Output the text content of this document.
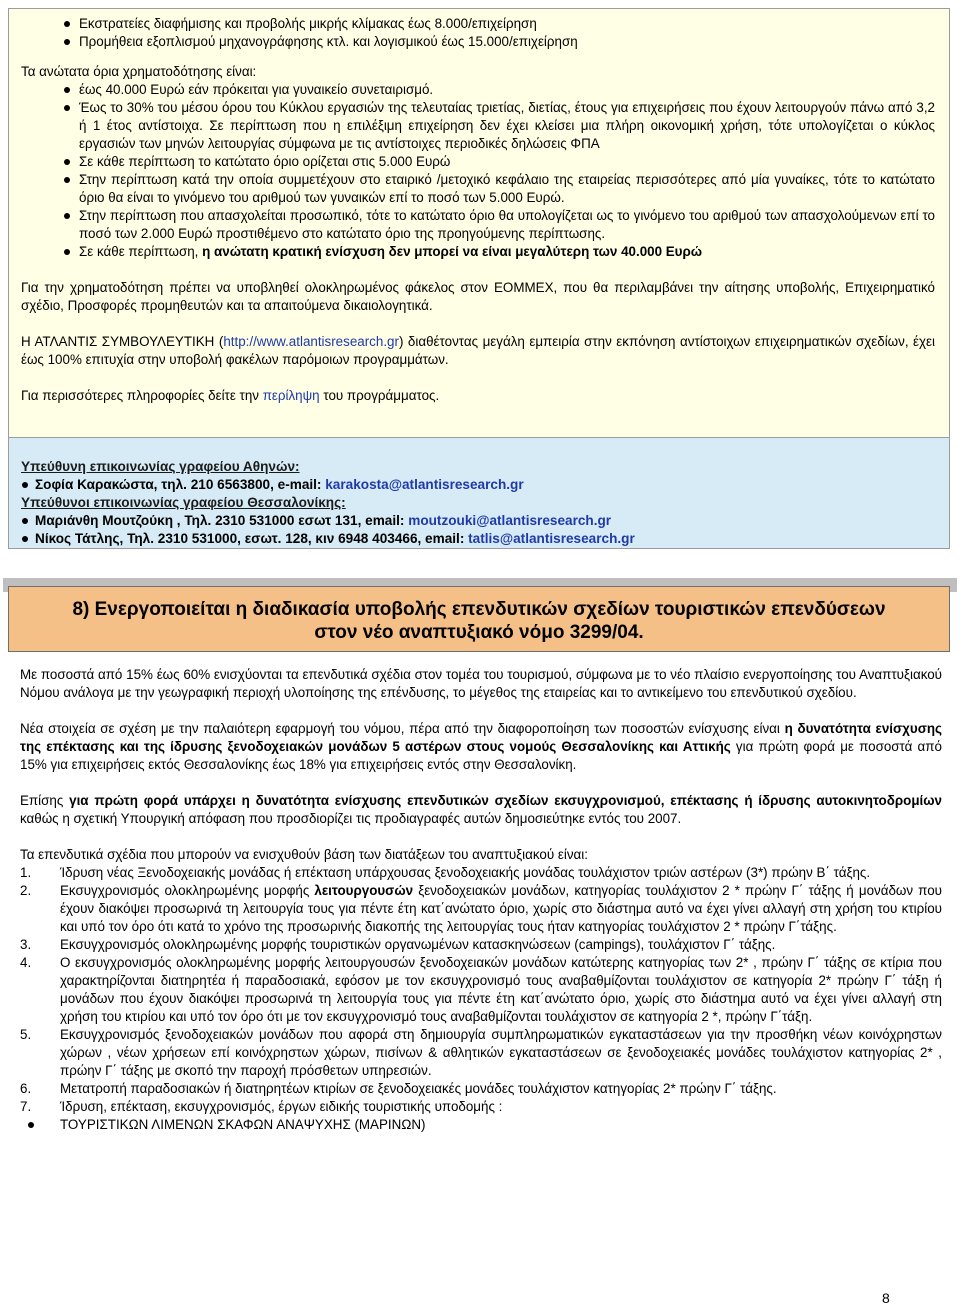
Εκστρατείες διαφήμισης και προβολής μικρής κλίμακας έως 8.000/επιχείρηση
Προμήθεια εξοπλισμού μηχανογράφησης κτλ. και λογισμικού έως 15.000/επιχείρηση

Τα ανώτατα όρια χρηματοδότησης είναι:

έως 40.000 Ευρώ εάν πρόκειται για γυναικείο συνεταιρισμό.
Έως το 30% του μέσου όρου του Κύκλου εργασιών της τελευταίας τριετίας, διετίας, έτους για επιχειρήσεις που έχουν λειτουργούν πάνω από 3,2 ή 1 έτος αντίστοιχα. Σε περίπτωση που η επιλέξιμη επιχείρηση δεν έχει κλείσει μια πλήρη οικονομική χρήση, τότε υπολογίζεται ο κύκλος εργασιών των μηνών λειτουργίας σύμφωνα με τις αντίστοιχες περιοδικές δηλώσεις ΦΠΑ
Σε κάθε περίπτωση το κατώτατο όριο ορίζεται στις 5.000 Ευρώ
Στην περίπτωση κατά την οποία συμμετέχουν στο εταιρικό /μετοχικό κεφάλαιο της εταιρείας περισσότερες από μία γυναίκες, τότε το κατώτατο όριο θα είναι το γινόμενο του αριθμού των γυναικών επί το ποσό των 5.000 Ευρώ.
Στην περίπτωση που απασχολείται προσωπικό, τότε το κατώτατο όριο θα υπολογίζεται ως το γινόμενο του αριθμού των απασχολούμενων επί το ποσό των 2.000 Ευρώ προστιθέμενο στο κατώτατο όριο της προηγούμενης περίπτωσης.
Σε κάθε περίπτωση, η ανώτατη κρατική ενίσχυση δεν μπορεί να είναι μεγαλύτερη των 40.000 Ευρώ

Για την χρηματοδότηση πρέπει να υποβληθεί ολοκληρωμένος φάκελος στον ΕΟΜΜΕΧ, που θα περιλαμβάνει την αίτησης υποβολής, Επιχειρηματικό σχέδιο, Προσφορές προμηθευτών και τα απαιτούμενα δικαιολογητικά.

Η ΑΤΛΑΝΤΙΣ ΣΥΜΒΟΥΛΕΥΤΙΚΗ (http://www.atlantisresearch.gr) διαθέτοντας μεγάλη εμπειρία στην εκπόνηση αντίστοιχων επιχειρηματικών σχεδίων, έχει έως 100% επιτυχία στην υποβολή φακέλων παρόμοιων προγραμμάτων.

Για περισσότερες πληροφορίες δείτε την περίληψη του προγράμματος.

Υπεύθυνη επικοινωνίας γραφείου Αθηνών:
Σοφία Καρακώστα, τηλ. 210 6563800, e-mail: karakosta@atlantisresearch.gr
Υπεύθυνοι επικοινωνίας γραφείου Θεσσαλονίκης:
Μαριάνθη Μουτζούκη , Τηλ. 2310 531000 εσωτ 131, email: moutzouki@atlantisresearch.gr
Νίκος Τάτλης, Τηλ. 2310 531000, εσωτ. 128, κιν 6948 403466, email: tatlis@atlantisresearch.gr
8) Ενεργοποιείται η διαδικασία υποβολής επενδυτικών σχεδίων τουριστικών επενδύσεων
στον νέο αναπτυξιακό νόμο 3299/04.

Με ποσοστά από 15% έως 60% ενισχύονται τα επενδυτικά σχέδια στον τομέα του τουρισμού, σύμφωνα με το νέο πλαίσιο ενεργοποίησης του Αναπτυξιακού Νόμου ανάλογα με την γεωγραφική περιοχή υλοποίησης της επένδυσης, το μέγεθος της εταιρείας και το αντικείμενο του επενδυτικού σχεδίου.

Νέα στοιχεία σε σχέση με την παλαιότερη εφαρμογή του νόμου, πέρα από την διαφοροποίηση των ποσοστών ενίσχυσης είναι η δυνατότητα ενίσχυσης της επέκτασης και της ίδρυσης ξενοδοχειακών μονάδων 5 αστέρων στους νομούς Θεσσαλονίκης και Αττικής για πρώτη φορά με ποσοστά από 15% για επιχειρήσεις εκτός Θεσσαλονίκης έως 18% για επιχειρήσεις εντός στην Θεσσαλονίκη.

Επίσης για πρώτη φορά υπάρχει η δυνατότητα ενίσχυσης επενδυτικών σχεδίων εκσυγχρονισμού, επέκτασης ή ίδρυσης αυτοκινητοδρομίων καθώς η σχετική Υπουργική απόφαση που προσδιορίζει τις προδιαγραφές αυτών δημοσιεύτηκε εντός του 2007.

Τα επενδυτικά σχέδια που μπορούν να ενισχυθούν βάση των διατάξεων του αναπτυξιακού είναι:

1. Ίδρυση νέας Ξενοδοχειακής μονάδας ή επέκταση υπάρχουσας ξενοδοχειακής μονάδας τουλάχιστον τριών αστέρων (3*) πρώην Β΄ τάξης.
2. Εκσυγχρονισμός ολοκληρωμένης μορφής λειτουργουσών ξενοδοχειακών μονάδων, κατηγορίας τουλάχιστον 2 * πρώην Γ΄ τάξης ή μονάδων που έχουν διακόψει προσωρινά τη λειτουργία τους για πέντε έτη κατ΄ανώτατο όριο, χωρίς στο διάστημα αυτό να έχει γίνει αλλαγή στη χρήση του κτιρίου και υπό τον όρο ότι κατά το χρόνο της προσωρινής διακοπής της λειτουργίας τους ήταν κατηγορίας τουλάχιστον 2 * πρώην Γ΄τάξης.
3. Εκσυγχρονισμός ολοκληρωμένης μορφής τουριστικών οργανωμένων κατασκηνώσεων (campings), τουλάχιστον Γ΄ τάξης.
4. Ο εκσυγχρονισμός ολοκληρωμένης μορφής λειτουργουσών ξενοδοχειακών μονάδων κατώτερης κατηγορίας των 2* , πρώην Γ΄ τάξης σε κτίρια που χαρακτηρίζονται διατηρητέα ή παραδοσιακά, εφόσον με τον εκσυγχρονισμό τους αναβαθμίζονται τουλάχιστον σε κατηγορία 2* πρώην Γ΄ τάξη ή μονάδων που έχουν διακόψει προσωρινά τη λειτουργία τους για πέντε έτη κατ΄ανώτατο όριο, χωρίς στο διάστημα αυτό να έχει γίνει αλλαγή στη χρήση του κτιρίου και υπό τον όρο ότι με τον εκσυγχρονισμό τους αναβαθμίζονται τουλάχιστον σε κατηγορία 2 *, πρώην Γ΄τάξη.
5. Εκσυγχρονισμός ξενοδοχειακών μονάδων που αφορά στη δημιουργία συμπληρωματικών εγκαταστάσεων για την προσθήκη νέων κοινόχρηστων χώρων , νέων χρήσεων επί κοινόχρηστων χώρων, πισίνων & αθλητικών εγκαταστάσεων σε ξενοδοχειακές μονάδες τουλάχιστον κατηγορίας 2* , πρώην Γ΄ τάξης με σκοπό την παροχή πρόσθετων υπηρεσιών.
6. Μετατροπή παραδοσιακών ή διατηρητέων κτιρίων σε ξενοδοχειακές μονάδες τουλάχιστον κατηγορίας 2* πρώην Γ΄ τάξης.
7. Ίδρυση, επέκταση, εκσυγχρονισμός, έργων ειδικής τουριστικής υποδομής :
ΤΟΥΡΙΣΤΙΚΩΝ ΛΙΜΕΝΩΝ ΣΚΑΦΩΝ ΑΝΑΨΥΧΗΣ (ΜΑΡΙΝΩΝ)
8
